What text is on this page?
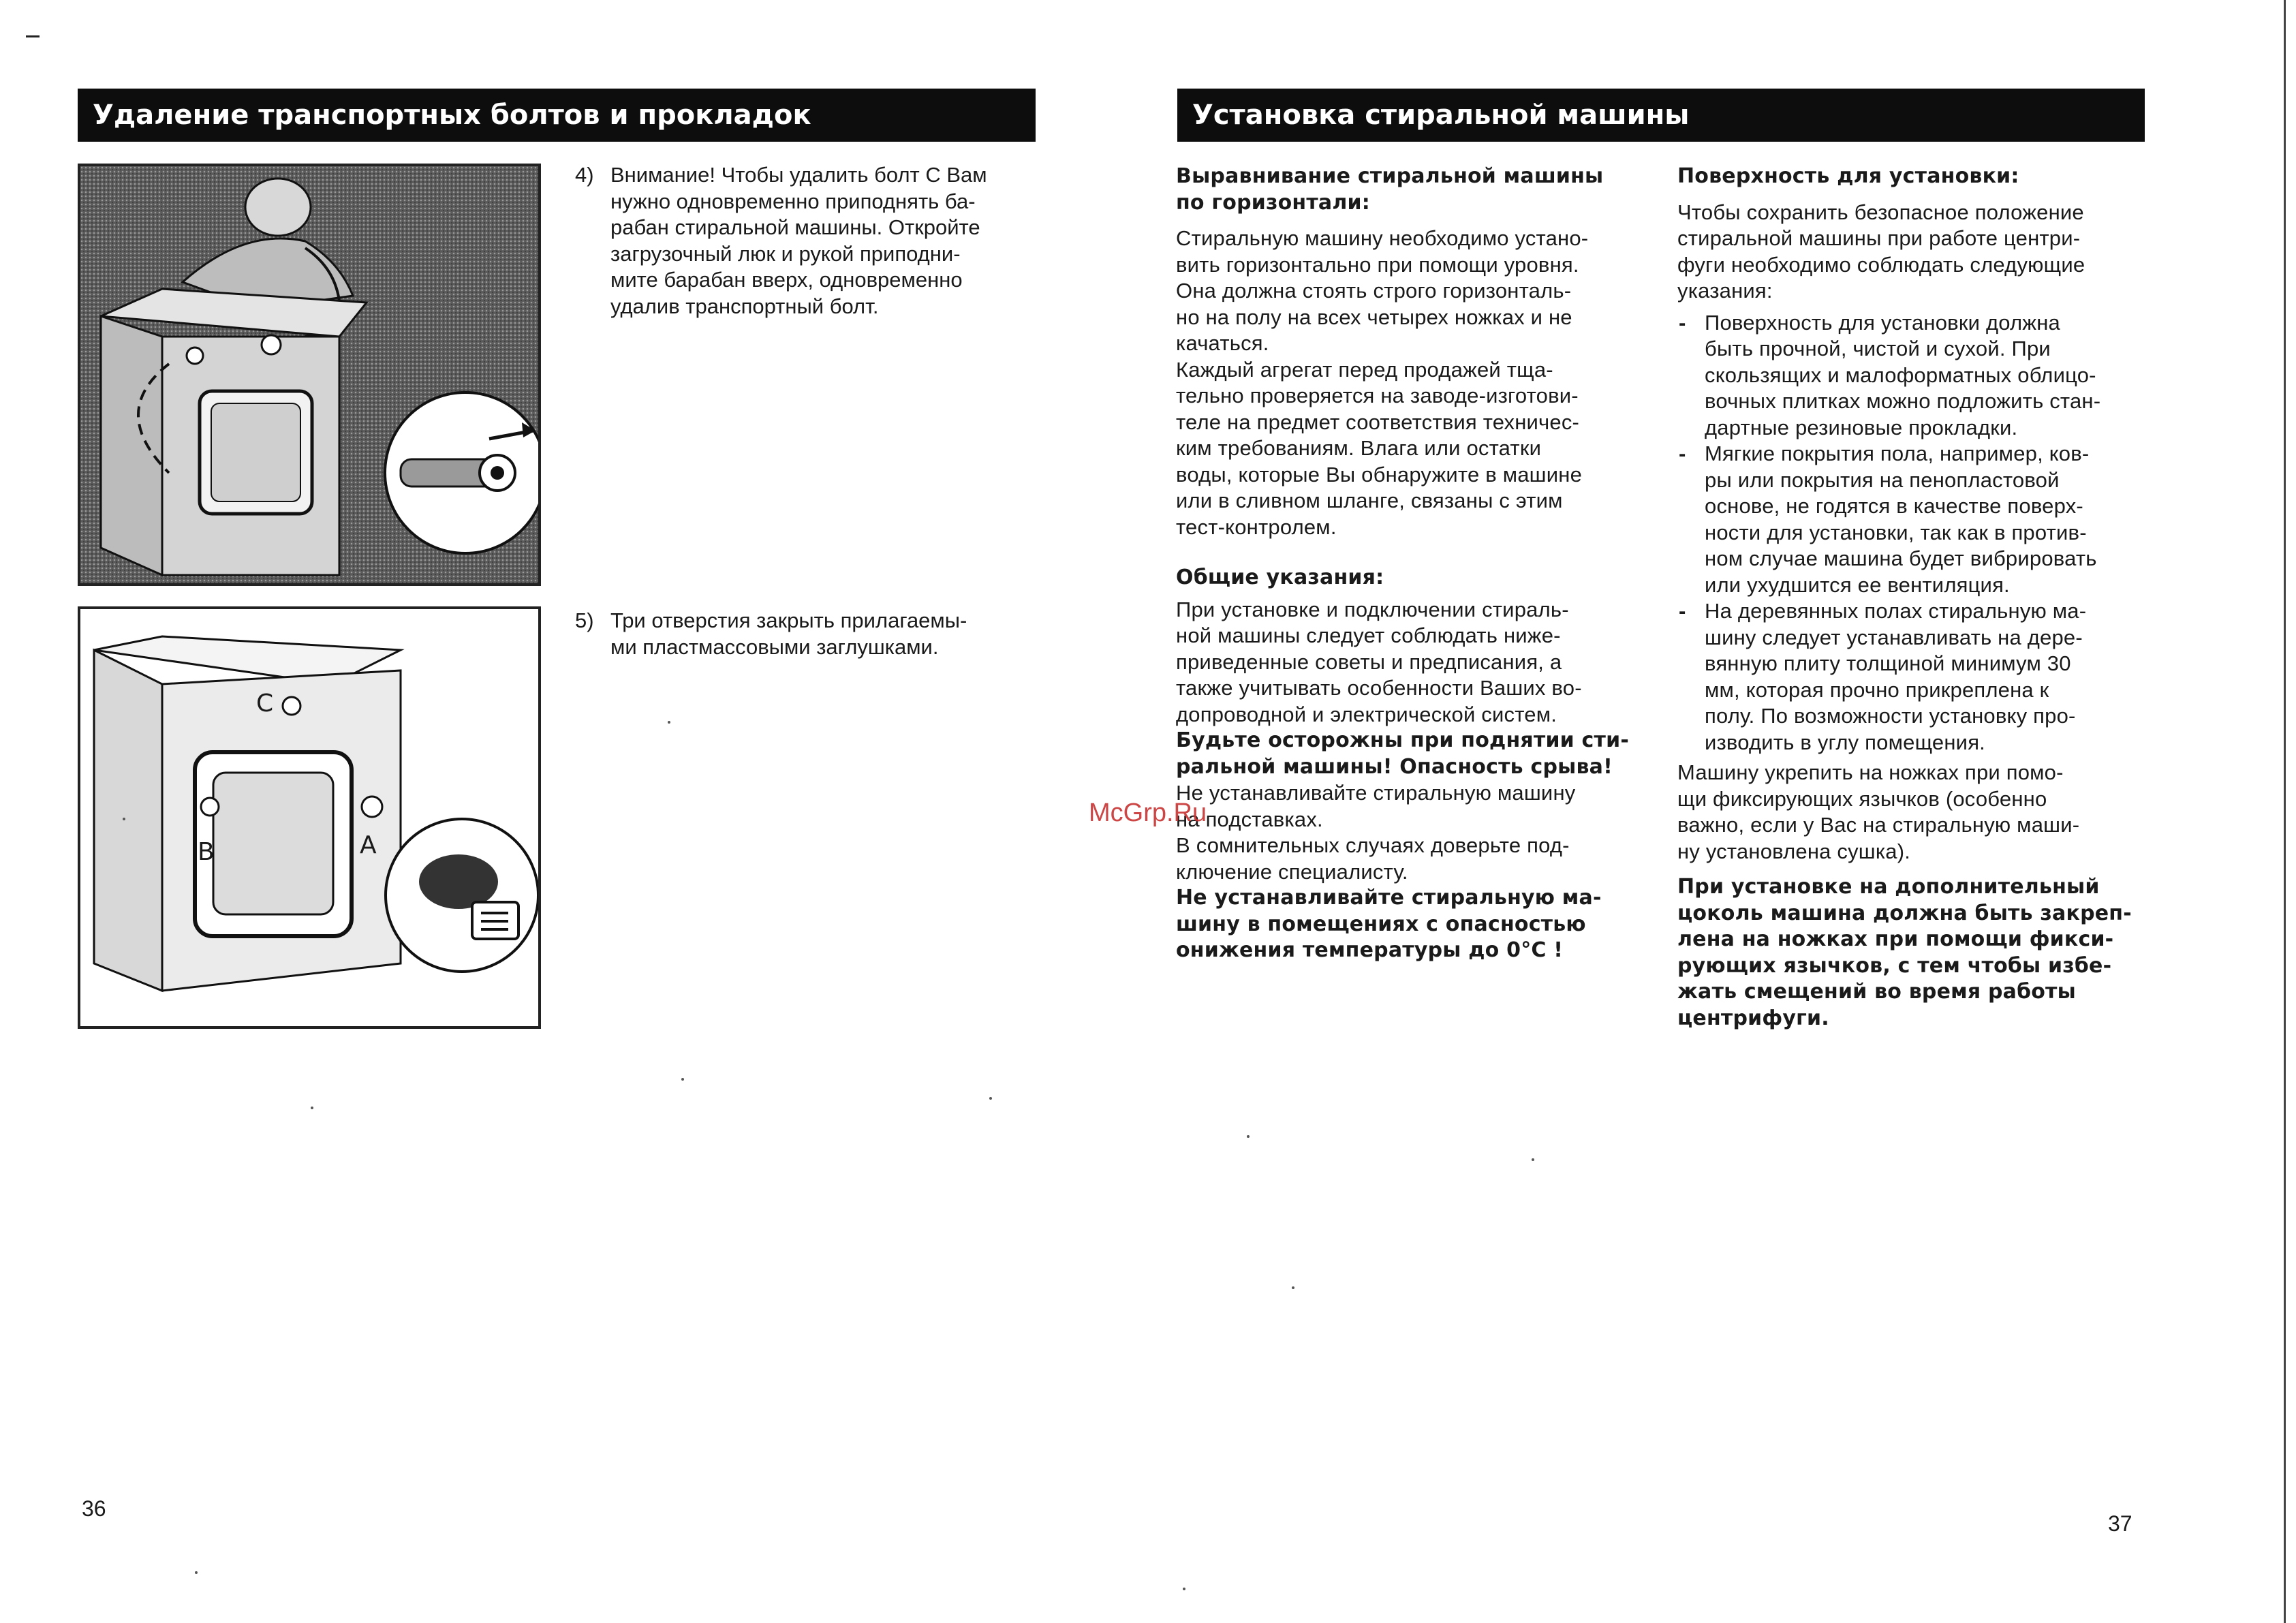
Удаление транспортных болтов и прокладок
C
B	A
4) Внимание! Чтобы удалить болт С Вам
нужно одновременно приподнять ба-
рабан стиральной машины. Откройте
загрузочный люк и рукой приподни-
мите барабан вверх, одновременно
удалив транспортный болт.
5) Три отверстия закрыть прилагаемы-
ми пластмассовыми заглушками.
36
Установка стиральной машины
Выравнивание стиральной машины
по горизонтали:
Стиральную машину необходимо устано-
вить горизонтально при помощи уровня.
Она должна стоять строго горизонталь-
но на полу на всех четырех ножках и не
качаться.
Каждый агрегат перед продажей тща-
тельно проверяется на заводе-изготови-
теле на предмет соответствия техничес-
ким требованиям. Влага или остатки
воды, которые Вы обнаружите в машине
или в сливном шланге, связаны с этим
тест-контролем.
Общие указания:
При установке и подключении стираль-
ной машины следует соблюдать ниже-
приведенные советы и предписания, а
также учитывать особенности Ваших во-
допроводной и электрической систем.
Будьте осторожны при поднятии сти-
ральной машины! Опасность срыва!
Не устанавливайте стиральную машину
на подставках.
В сомнительных случаях доверьте под-
ключение специалисту.
Не устанавливайте стиральную ма-
шину в помещениях с опасностью
онижения температуры до 0°С !
Поверхность для установки:
Чтобы сохранить безопасное положение
стиральной машины при работе центри-
фуги необходимо соблюдать следующие
указания:
- Поверхность для установки должна
быть прочной, чистой и сухой. При
скользящих и малоформатных облицо-
вочных плитках можно подложить стан-
дартные резиновые прокладки.
- Мягкие покрытия пола, например, ков-
ры или покрытия на пенопластовой
основе, не годятся в качестве поверх-
ности для установки, так как в против-
ном случае машина будет вибрировать
или ухудшится ее вентиляция.
- На деревянных полах стиральную ма-
шину следует устанавливать на дере-
вянную плиту толщиной минимум 30
мм, которая прочно прикреплена к
полу. По возможности установку про-
изводить в углу помещения.
Машину укрепить на ножках при помо-
щи фиксирующих язычков (особенно
важно, если у Вас на стиральную маши-
ну установлена сушка).
При установке на дополнительный
цоколь машина должна быть закреп-
лена на ножках при помощи фикси-
рующих язычков, с тем чтобы избе-
жать смещений во время работы
центрифуги.
McGrp.Ru
37
